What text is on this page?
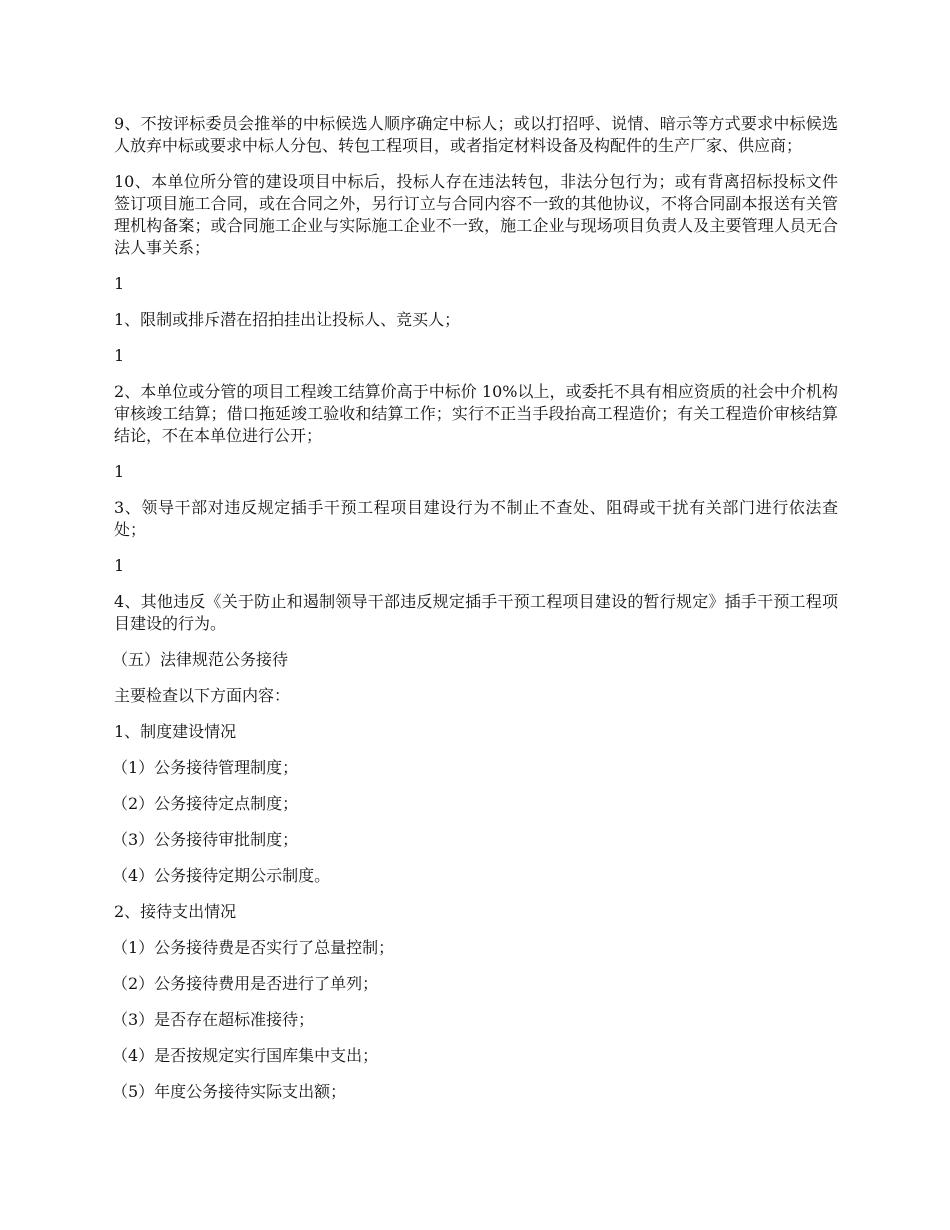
9、不按评标委员会推举的中标候选人顺序确定中标人；或以打招呼、说情、暗示等方式要求中标候选人放弃中标或要求中标人分包、转包工程项目，或者指定材料设备及构配件的生产厂家、供应商；

10、本单位所分管的建设项目中标后，投标人存在违法转包，非法分包行为；或有背离招标投标文件签订项目施工合同，或在合同之外，另行订立与合同内容不一致的其他协议，不将合同副本报送有关管理机构备案；或合同施工企业与实际施工企业不一致，施工企业与现场项目负责人及主要管理人员无合法人事关系；

1

1、限制或排斥潜在招拍挂出让投标人、竞买人；

1

2、本单位或分管的项目工程竣工结算价高于中标价 10%以上，或委托不具有相应资质的社会中介机构审核竣工结算；借口拖延竣工验收和结算工作；实行不正当手段抬高工程造价；有关工程造价审核结算结论，不在本单位进行公开；

1

3、领导干部对违反规定插手干预工程项目建设行为不制止不查处、阻碍或干扰有关部门进行依法查处；

1

4、其他违反《关于防止和遏制领导干部违反规定插手干预工程项目建设的暂行规定》插手干预工程项目建设的行为。

（五）法律规范公务接待

主要检查以下方面内容：

1、制度建设情况

（1）公务接待管理制度；

（2）公务接待定点制度；

（3）公务接待审批制度；

（4）公务接待定期公示制度。

2、接待支出情况

（1）公务接待费是否实行了总量控制；

（2）公务接待费用是否进行了单列；

（3）是否存在超标准接待；

（4）是否按规定实行国库集中支出；

（5）年度公务接待实际支出额；
